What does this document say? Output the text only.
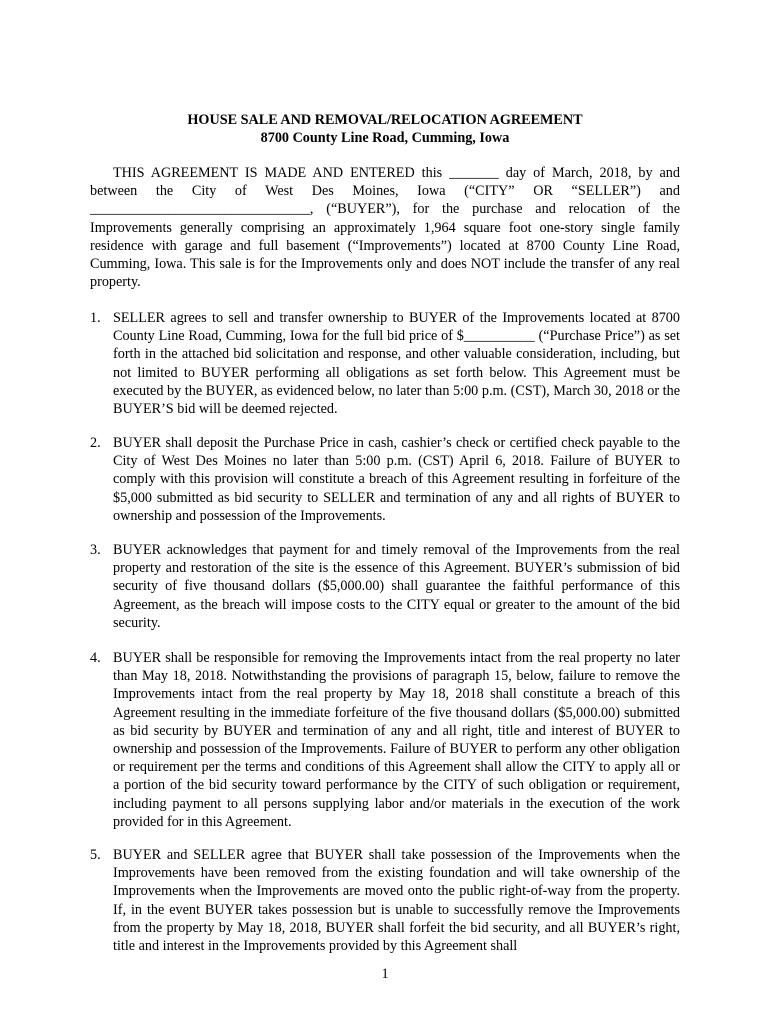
HOUSE SALE AND REMOVAL/RELOCATION AGREEMENT
8700 County Line Road, Cumming, Iowa

THIS AGREEMENT IS MADE AND ENTERED this _______ day of March, 2018, by and between the City of West Des Moines, Iowa (“CITY” OR “SELLER”) and _______________________________, (“BUYER”), for the purchase and relocation of the Improvements generally comprising an approximately 1,964 square foot one-story single family residence with garage and full basement (“Improvements”) located at 8700 County Line Road, Cumming, Iowa. This sale is for the Improvements only and does NOT include the transfer of any real property.

1. SELLER agrees to sell and transfer ownership to BUYER of the Improvements located at 8700 County Line Road, Cumming, Iowa for the full bid price of $__________ (“Purchase Price”) as set forth in the attached bid solicitation and response, and other valuable consideration, including, but not limited to BUYER performing all obligations as set forth below. This Agreement must be executed by the BUYER, as evidenced below, no later than 5:00 p.m. (CST), March 30, 2018 or the BUYER’S bid will be deemed rejected.
2. BUYER shall deposit the Purchase Price in cash, cashier’s check or certified check payable to the City of West Des Moines no later than 5:00 p.m. (CST) April 6, 2018. Failure of BUYER to comply with this provision will constitute a breach of this Agreement resulting in forfeiture of the $5,000 submitted as bid security to SELLER and termination of any and all rights of BUYER to ownership and possession of the Improvements.
3. BUYER acknowledges that payment for and timely removal of the Improvements from the real property and restoration of the site is the essence of this Agreement. BUYER’s submission of bid security of five thousand dollars ($5,000.00) shall guarantee the faithful performance of this Agreement, as the breach will impose costs to the CITY equal or greater to the amount of the bid security.
4. BUYER shall be responsible for removing the Improvements intact from the real property no later than May 18, 2018. Notwithstanding the provisions of paragraph 15, below, failure to remove the Improvements intact from the real property by May 18, 2018 shall constitute a breach of this Agreement resulting in the immediate forfeiture of the five thousand dollars ($5,000.00) submitted as bid security by BUYER and termination of any and all right, title and interest of BUYER to ownership and possession of the Improvements. Failure of BUYER to perform any other obligation or requirement per the terms and conditions of this Agreement shall allow the CITY to apply all or a portion of the bid security toward performance by the CITY of such obligation or requirement, including payment to all persons supplying labor and/or materials in the execution of the work provided for in this Agreement.
5. BUYER and SELLER agree that BUYER shall take possession of the Improvements when the Improvements have been removed from the existing foundation and will take ownership of the Improvements when the Improvements are moved onto the public right-of-way from the property. If, in the event BUYER takes possession but is unable to successfully remove the Improvements from the property by May 18, 2018, BUYER shall forfeit the bid security, and all BUYER’s right, title and interest in the Improvements provided by this Agreement shall
1
